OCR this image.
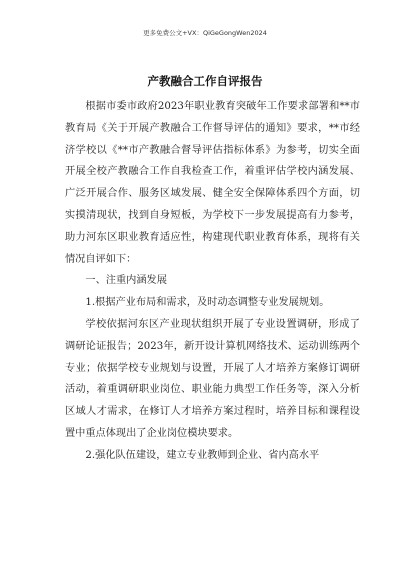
更多免费公文+VX：QiGeGongWen2024
产教融合工作自评报告

根据市委市政府2023年职业教育突破年工作要求部署和**市教育局《关于开展产教融合工作督导评估的通知》要求，**市经济学校以《**市产教融合督导评估指标体系》为参考，切实全面开展全校产教融合工作自我检查工作，着重评估学校内涵发展、广泛开展合作、服务区域发展、健全安全保障体系四个方面，切实摸清现状，找到自身短板，为学校下一步发展提高有力参考，助力河东区职业教育适应性，构建现代职业教育体系，现将有关情况自评如下：

一、注重内涵发展

1.根据产业布局和需求，及时动态调整专业发展规划。

学校依据河东区产业现状组织开展了专业设置调研，形成了调研论证报告；2023年，新开设计算机网络技术、运动训练两个专业；依据学校专业规划与设置，开展了人才培养方案修订调研活动，着重调研职业岗位、职业能力典型工作任务等，深入分析区域人才需求，在修订人才培养方案过程时，培养目标和课程设置中重点体现出了企业岗位模块要求。

2.强化队伍建设，建立专业教师到企业、省内高水平
